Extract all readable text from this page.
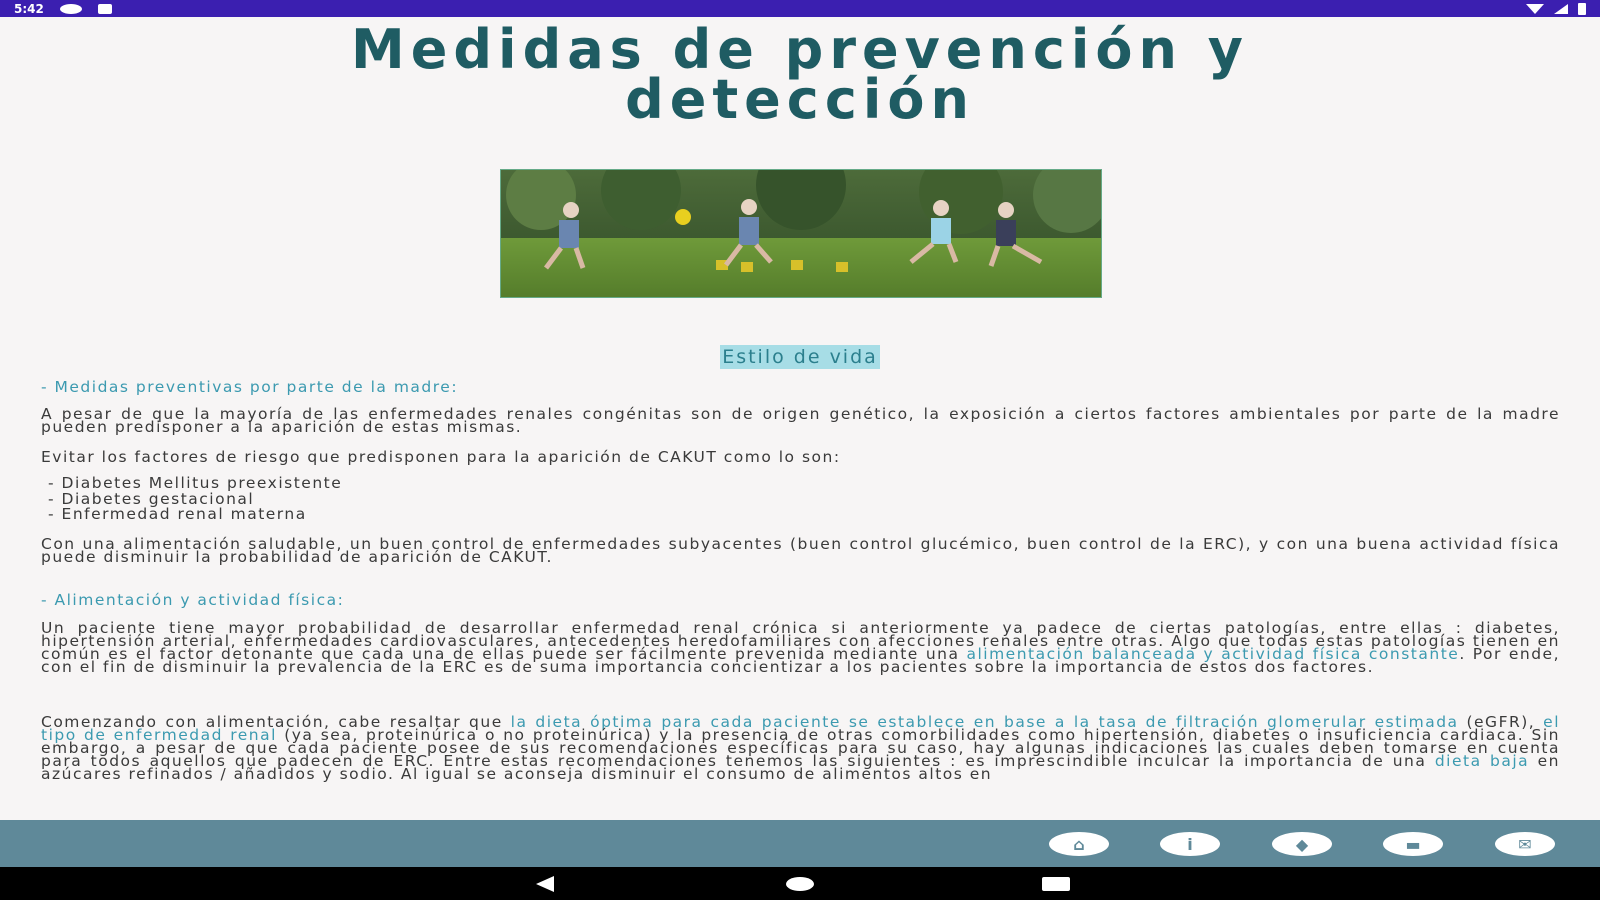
5:42
Medidas de prevención y
detección
Estilo de vida
- Medidas preventivas por parte de la madre:
A pesar de que la mayoría de las enfermedades renales congénitas son de origen genético, la exposición a ciertos factores ambientales por parte de la madre pueden predisponer a la aparición de estas mismas.
Evitar los factores de riesgo que predisponen para la aparición de CAKUT como lo son:
- Diabetes Mellitus preexistente
- Diabetes gestacional
- Enfermedad renal materna
Con una alimentación saludable, un buen control de enfermedades subyacentes (buen control glucémico, buen control de la ERC), y con una buena actividad física puede disminuir la probabilidad de aparición de CAKUT.
- Alimentación y actividad física:
Un paciente tiene mayor probabilidad de desarrollar enfermedad renal crónica si anteriormente ya padece de ciertas patologías, entre ellas : diabetes, hipertensión arterial, enfermedades cardiovasculares, antecedentes heredofamiliares con afecciones renales entre otras. Algo que todas estas patologías tienen en común es el factor detonante que cada una de ellas puede ser fácilmente prevenida mediante una alimentación balanceada y actividad física constante. Por ende, con el fin de disminuir la prevalencia de la ERC es de suma importancia concientizar a los pacientes sobre la importancia de estos dos factores.
Comenzando con alimentación, cabe resaltar que la dieta óptima para cada paciente se establece en base a la tasa de filtración glomerular estimada (eGFR), el tipo de enfermedad renal (ya sea, proteinúrica o no proteinúrica) y la presencia de otras comorbilidades como hipertensión, diabetes o insuficiencia cardiaca. Sin embargo, a pesar de que cada paciente posee de sus recomendaciones específicas para su caso, hay algunas indicaciones las cuales deben tomarse en cuenta para todos aquellos que padecen de ERC. Entre estas recomendaciones tenemos las siguientes : es imprescindible inculcar la importancia de una dieta baja en azúcares refinados / añadidos y sodio. Al igual se aconseja disminuir el consumo de alimentos altos en
⌂	i	◆	▬	✉
